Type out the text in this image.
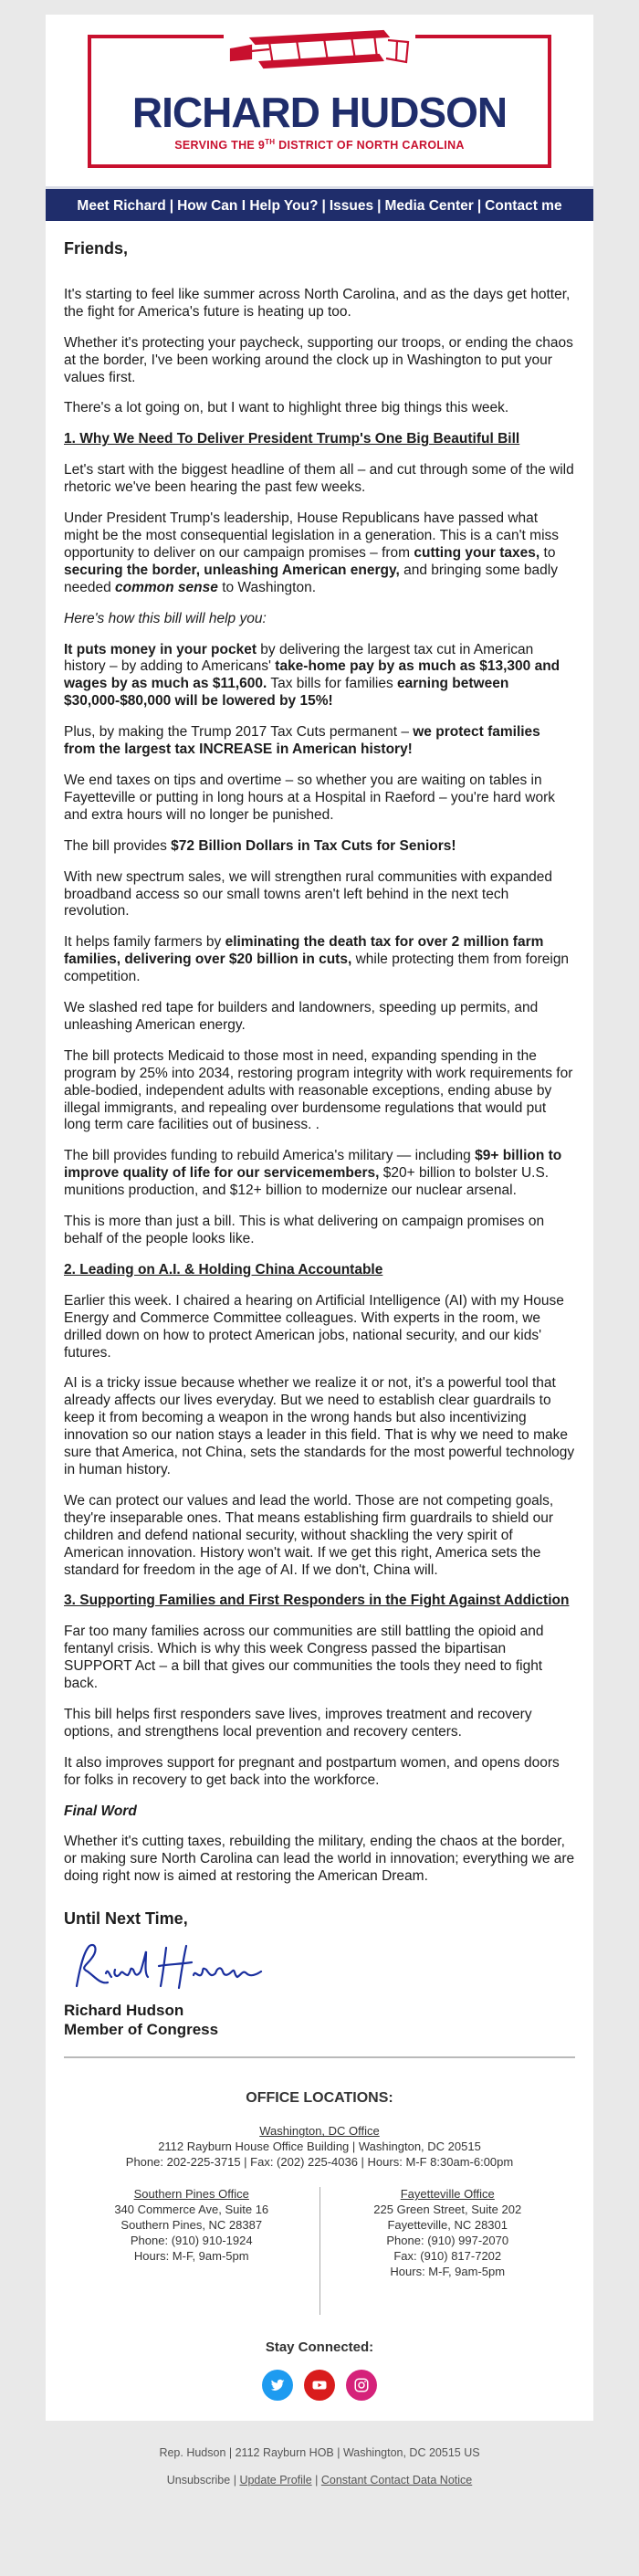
RICHARD HUDSON
SERVING THE 9TH DISTRICT OF NORTH CAROLINA
Meet Richard | How Can I Help You? | Issues | Media Center | Contact me
Friends,

It's starting to feel like summer across North Carolina, and as the days get hotter, the fight for America's future is heating up too.

Whether it's protecting your paycheck, supporting our troops, or ending the chaos at the border, I've been working around the clock up in Washington to put your values first.

There's a lot going on, but I want to highlight three big things this week.

1. Why We Need To Deliver President Trump's One Big Beautiful Bill

Let's start with the biggest headline of them all – and cut through some of the wild rhetoric we've been hearing the past few weeks.

Under President Trump's leadership, House Republicans have passed what might be the most consequential legislation in a generation. This is a can't miss opportunity to deliver on our campaign promises – from cutting your taxes, to securing the border, unleashing American energy, and bringing some badly needed common sense to Washington.

Here's how this bill will help you:

It puts money in your pocket by delivering the largest tax cut in American history – by adding to Americans' take-home pay by as much as $13,300 and wages by as much as $11,600. Tax bills for families earning between $30,000-$80,000 will be lowered by 15%!

Plus, by making the Trump 2017 Tax Cuts permanent – we protect families from the largest tax INCREASE in American history!

We end taxes on tips and overtime – so whether you are waiting on tables in Fayetteville or putting in long hours at a Hospital in Raeford – you're hard work and extra hours will no longer be punished.

The bill provides $72 Billion Dollars in Tax Cuts for Seniors!

With new spectrum sales, we will strengthen rural communities with expanded broadband access so our small towns aren't left behind in the next tech revolution.

It helps family farmers by eliminating the death tax for over 2 million farm families, delivering over $20 billion in cuts, while protecting them from foreign competition.

We slashed red tape for builders and landowners, speeding up permits, and unleashing American energy.

The bill protects Medicaid to those most in need, expanding spending in the program by 25% into 2034, restoring program integrity with work requirements for able-bodied, independent adults with reasonable exceptions, ending abuse by illegal immigrants, and repealing over burdensome regulations that would put long term care facilities out of business. .

The bill provides funding to rebuild America's military — including $9+ billion to improve quality of life for our servicemembers, $20+ billion to bolster U.S. munitions production, and $12+ billion to modernize our nuclear arsenal.

This is more than just a bill. This is what delivering on campaign promises on behalf of the people looks like.

2. Leading on A.I. & Holding China Accountable

Earlier this week. I chaired a hearing on Artificial Intelligence (AI) with my House Energy and Commerce Committee colleagues. With experts in the room, we drilled down on how to protect American jobs, national security, and our kids' futures.

AI is a tricky issue because whether we realize it or not, it's a powerful tool that already affects our lives everyday. But we need to establish clear guardrails to keep it from becoming a weapon in the wrong hands but also incentivizing innovation so our nation stays a leader in this field. That is why we need to make sure that America, not China, sets the standards for the most powerful technology in human history.

We can protect our values and lead the world. Those are not competing goals, they're inseparable ones. That means establishing firm guardrails to shield our children and defend national security, without shackling the very spirit of American innovation. History won't wait. If we get this right, America sets the standard for freedom in the age of AI. If we don't, China will.

3. Supporting Families and First Responders in the Fight Against Addiction

Far too many families across our communities are still battling the opioid and fentanyl crisis. Which is why this week Congress passed the bipartisan SUPPORT Act – a bill that gives our communities the tools they need to fight back.

This bill helps first responders save lives, improves treatment and recovery options, and strengthens local prevention and recovery centers.

It also improves support for pregnant and postpartum women, and opens doors for folks in recovery to get back into the workforce.

Final Word

Whether it's cutting taxes, rebuilding the military, ending the chaos at the border, or making sure North Carolina can lead the world in innovation; everything we are doing right now is aimed at restoring the American Dream.

Until Next Time,
Richard Hudson
Member of Congress
OFFICE LOCATIONS:
Washington, DC Office
2112 Rayburn House Office Building | Washington, DC 20515
Phone: 202-225-3715 | Fax: (202) 225-4036 | Hours: M-F 8:30am-6:00pm
Southern Pines Office
340 Commerce Ave, Suite 16
Southern Pines, NC 28387
Phone: (910) 910-1924
Hours: M-F, 9am-5pm
Fayetteville Office
225 Green Street, Suite 202
Fayetteville, NC 28301
Phone: (910) 997-2070
Fax: (910) 817-7202
Hours: M-F, 9am-5pm
Stay Connected:

Rep. Hudson | 2112 Rayburn HOB | Washington, DC 20515 US
Unsubscribe | Update Profile | Constant Contact Data Notice
